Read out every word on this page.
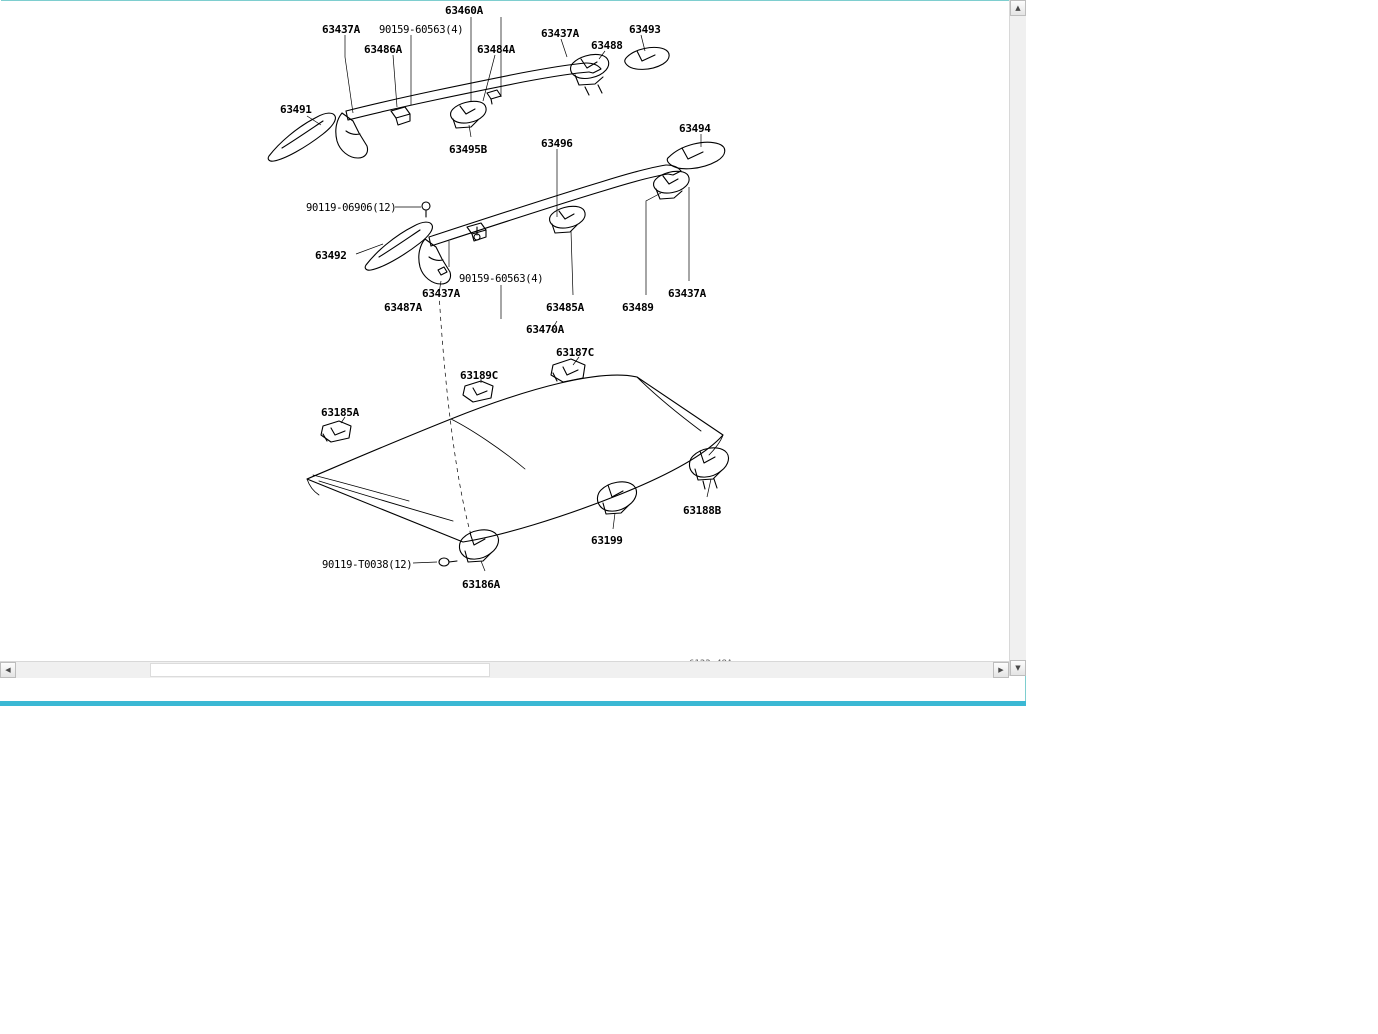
63437A 90159-60563(4)
63460A
63437A	63493
63486A	63484A	63488
63491
63495B	63496
63494
90119-06906(12)
63492
90159-60563(4)
63437A
63487A	63485A	63489
63437A
63470A
63187C
63189C
63185A
63188B
63199
90119-T0038(12)
63186A
▲
▼
◀	▶
